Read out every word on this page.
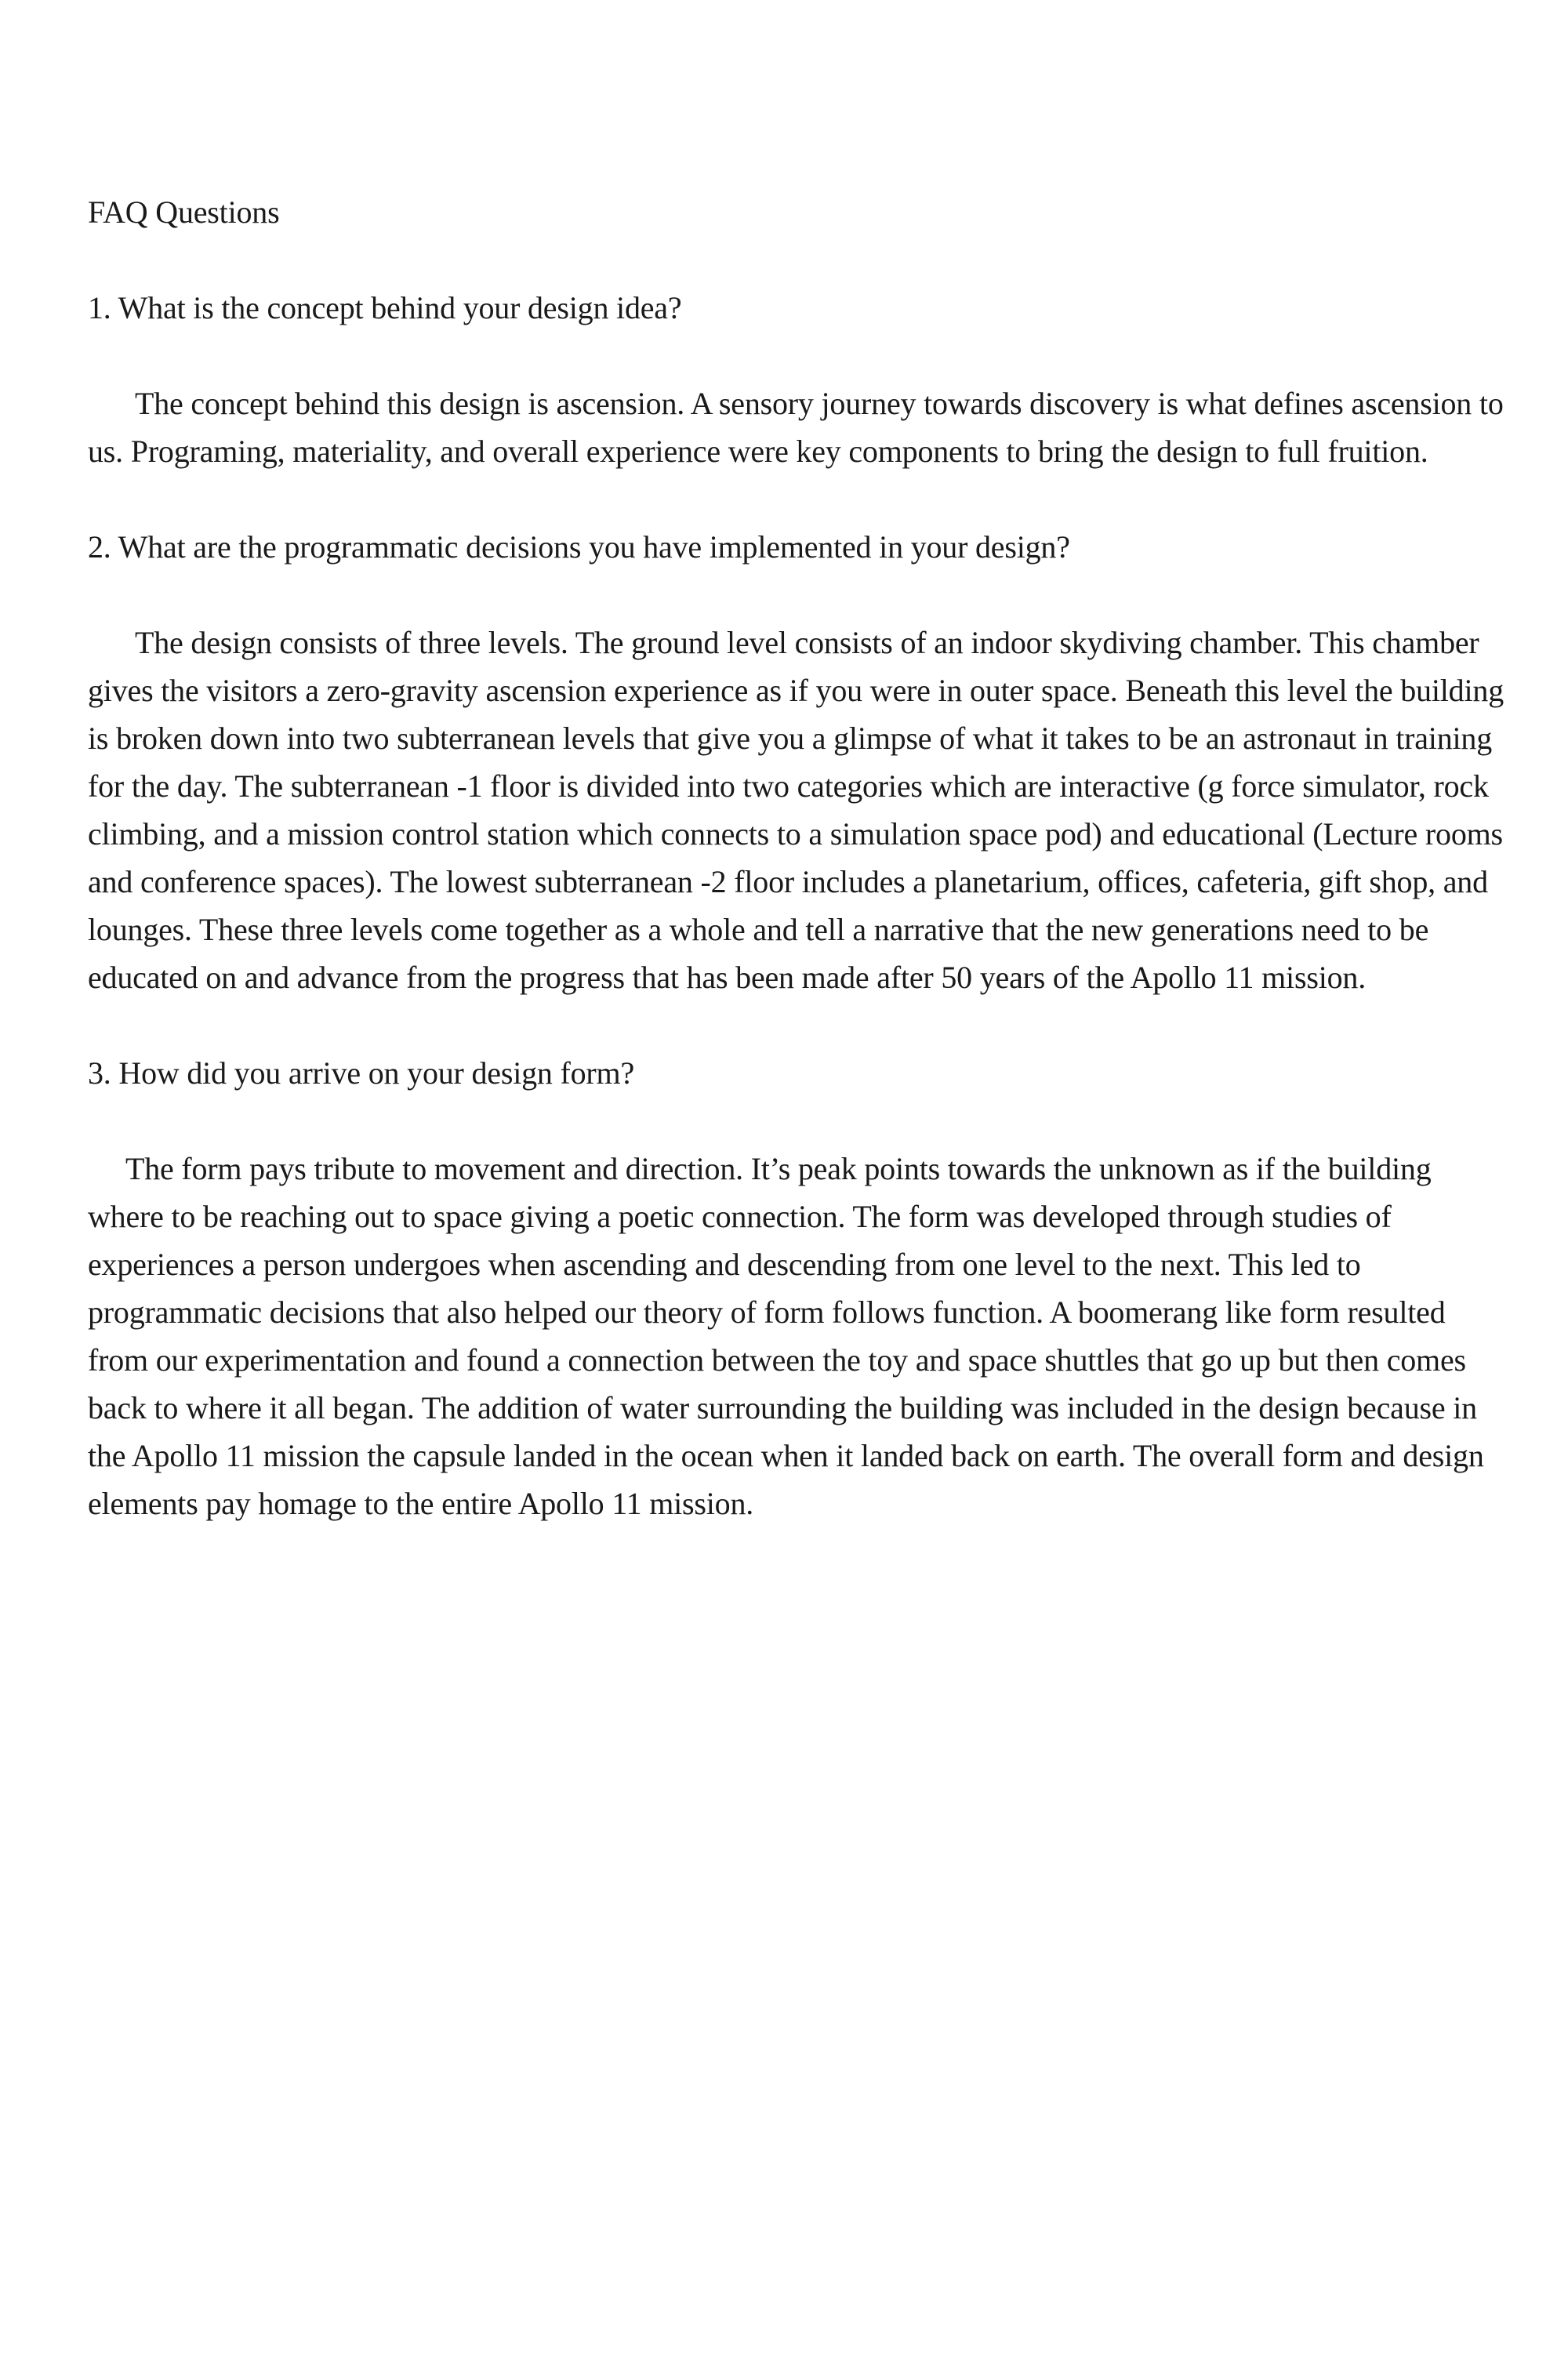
FAQ Questions
1. What is the concept behind your design idea?

The concept behind this design is ascension. A sensory journey towards discovery is what defines ascension to us. Programing, materiality, and overall experience were key components to bring the design to full fruition.

2. What are the programmatic decisions you have implemented in your design?

The design consists of three levels. The ground level consists of an indoor skydiving chamber. This chamber gives the visitors a zero-gravity ascension experience as if you were in outer space. Beneath this level the building is broken down into two subterranean levels that give you a glimpse of what it takes to be an astronaut in training for the day. The subterranean -1 floor is divided into two categories which are interactive (g force simulator, rock climbing, and a mission control station which connects to a simulation space pod) and educational (Lecture rooms and conference spaces). The lowest subterranean -2 floor includes a planetarium, offices, cafeteria, gift shop, and lounges. These three levels come together as a whole and tell a narrative that the new generations need to be educated on and advance from the progress that has been made after 50 years of the Apollo 11 mission.

3. How did you arrive on your design form?

The form pays tribute to movement and direction. It’s peak points towards the unknown as if the building where to be reaching out to space giving a poetic connection. The form was developed through studies of experiences a person undergoes when ascending and descending from one level to the next. This led to programmatic decisions that also helped our theory of form follows function. A boomerang like form resulted from our experimentation and found a connection between the toy and space shuttles that go up but then comes back to where it all began. The addition of water surrounding the building was included in the design because in the Apollo 11 mission the capsule landed in the ocean when it landed back on earth. The overall form and design elements pay homage to the entire Apollo 11 mission.
